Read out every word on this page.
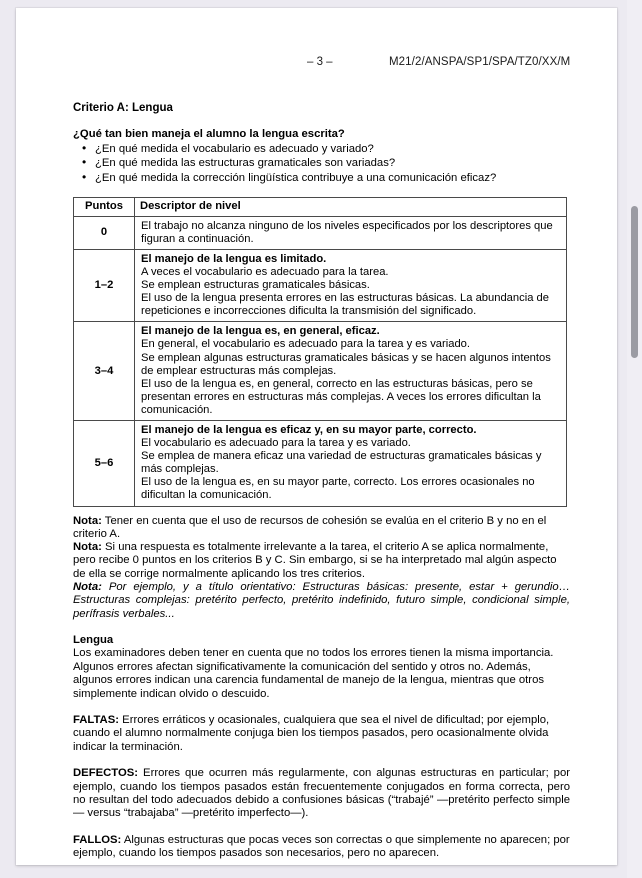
– 3 –	M21/2/ANSPA/SP1/SPA/TZ0/XX/M
Criterio A: Lengua

¿Qué tan bien maneja el alumno la lengua escrita?

• ¿En qué medida el vocabulario es adecuado y variado?
• ¿En qué medida las estructuras gramaticales son variadas?
• ¿En qué medida la corrección lingüística contribuye a una comunicación eficaz?
Puntos	Descriptor de nivel
0	El trabajo no alcanza ninguno de los niveles especificados por los descriptores que figuran a continuación.

1–2	El manejo de la lengua es limitado.
A veces el vocabulario es adecuado para la tarea.
Se emplean estructuras gramaticales básicas.
El uso de la lengua presenta errores en las estructuras básicas. La abundancia de repeticiones e incorrecciones dificulta la transmisión del significado.

3–4	El manejo de la lengua es, en general, eficaz.
En general, el vocabulario es adecuado para la tarea y es variado.
Se emplean algunas estructuras gramaticales básicas y se hacen algunos intentos de emplear estructuras más complejas.
El uso de la lengua es, en general, correcto en las estructuras básicas, pero se presentan errores en estructuras más complejas. A veces los errores dificultan la comunicación.

5–6	El manejo de la lengua es eficaz y, en su mayor parte, correcto.
El vocabulario es adecuado para la tarea y es variado.
Se emplea de manera eficaz una variedad de estructuras gramaticales básicas y más complejas.
El uso de la lengua es, en su mayor parte, correcto. Los errores ocasionales no dificultan la comunicación.

Nota: Tener en cuenta que el uso de recursos de cohesión se evalúa en el criterio B y no en el criterio A.

Nota: Si una respuesta es totalmente irrelevante a la tarea, el criterio A se aplica normalmente, pero recibe 0 puntos en los criterios B y C. Sin embargo, si se ha interpretado mal algún aspecto de ella se corrige normalmente aplicando los tres criterios.

Nota: Por ejemplo, y a título orientativo: Estructuras básicas: presente, estar + gerundio… Estructuras complejas: pretérito perfecto, pretérito indefinido, futuro simple, condicional simple, perífrasis verbales...

Lengua

Los examinadores deben tener en cuenta que no todos los errores tienen la misma importancia. Algunos errores afectan significativamente la comunicación del sentido y otros no. Además, algunos errores indican una carencia fundamental de manejo de la lengua, mientras que otros simplemente indican olvido o descuido.

FALTAS: Errores erráticos y ocasionales, cualquiera que sea el nivel de dificultad; por ejemplo, cuando el alumno normalmente conjuga bien los tiempos pasados, pero ocasionalmente olvida indicar la terminación.

DEFECTOS: Errores que ocurren más regularmente, con algunas estructuras en particular; por ejemplo, cuando los tiempos pasados están frecuentemente conjugados en forma correcta, pero no resultan del todo adecuados debido a confusiones básicas (“trabajé” —pretérito perfecto simple— versus “trabajaba” —pretérito imperfecto—).

FALLOS: Algunas estructuras que pocas veces son correctas o que simplemente no aparecen; por ejemplo, cuando los tiempos pasados son necesarios, pero no aparecen.
